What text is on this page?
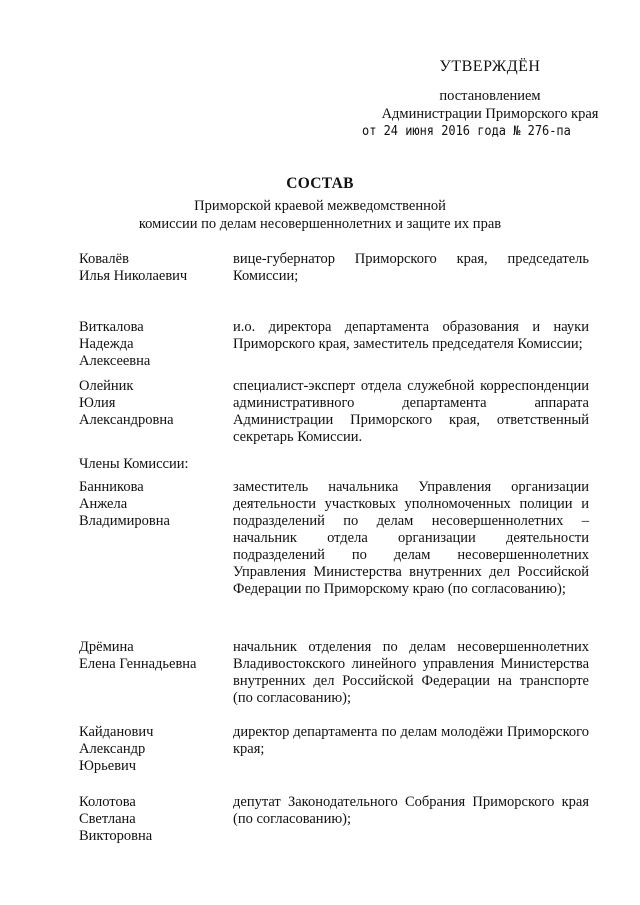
УТВЕРЖДЁН
постановлением
Администрации Приморского края
от 24 июня 2016 года № 276-па
СОСТАВ
Приморской краевой межведомственной
комиссии по делам несовершеннолетних и защите их прав
Ковалёв
Илья Николаевич
вице-губернатор Приморского края, председатель Комиссии;
Виткалова
Надежда
Алексеевна
и.о. директора департамента образования и науки Приморского края, заместитель председателя Комиссии;
Олейник
Юлия
Александровна
специалист-эксперт отдела служебной корреспонденции административного департамента аппарата Администрации Приморского края, ответственный секретарь Комиссии.
Члены Комиссии:
Банникова
Анжела
Владимировна
заместитель начальника Управления организации деятельности участковых уполномоченных полиции и подразделений по делам несовершеннолетних – начальник отдела организации деятельности подразделений по делам несовершеннолетних Управления Министерства внутренних дел Российской Федерации по Приморскому краю (по согласованию);
Дрёмина
Елена Геннадьевна
начальник отделения по делам несовершеннолетних Владивостокского линейного управления Министерства внутренних дел Российской Федерации на транспорте (по согласованию);
Кайданович
Александр
Юрьевич
директор департамента по делам молодёжи Приморского края;
Колотова
Светлана
Викторовна
депутат Законодательного Собрания Приморского края (по согласованию);
